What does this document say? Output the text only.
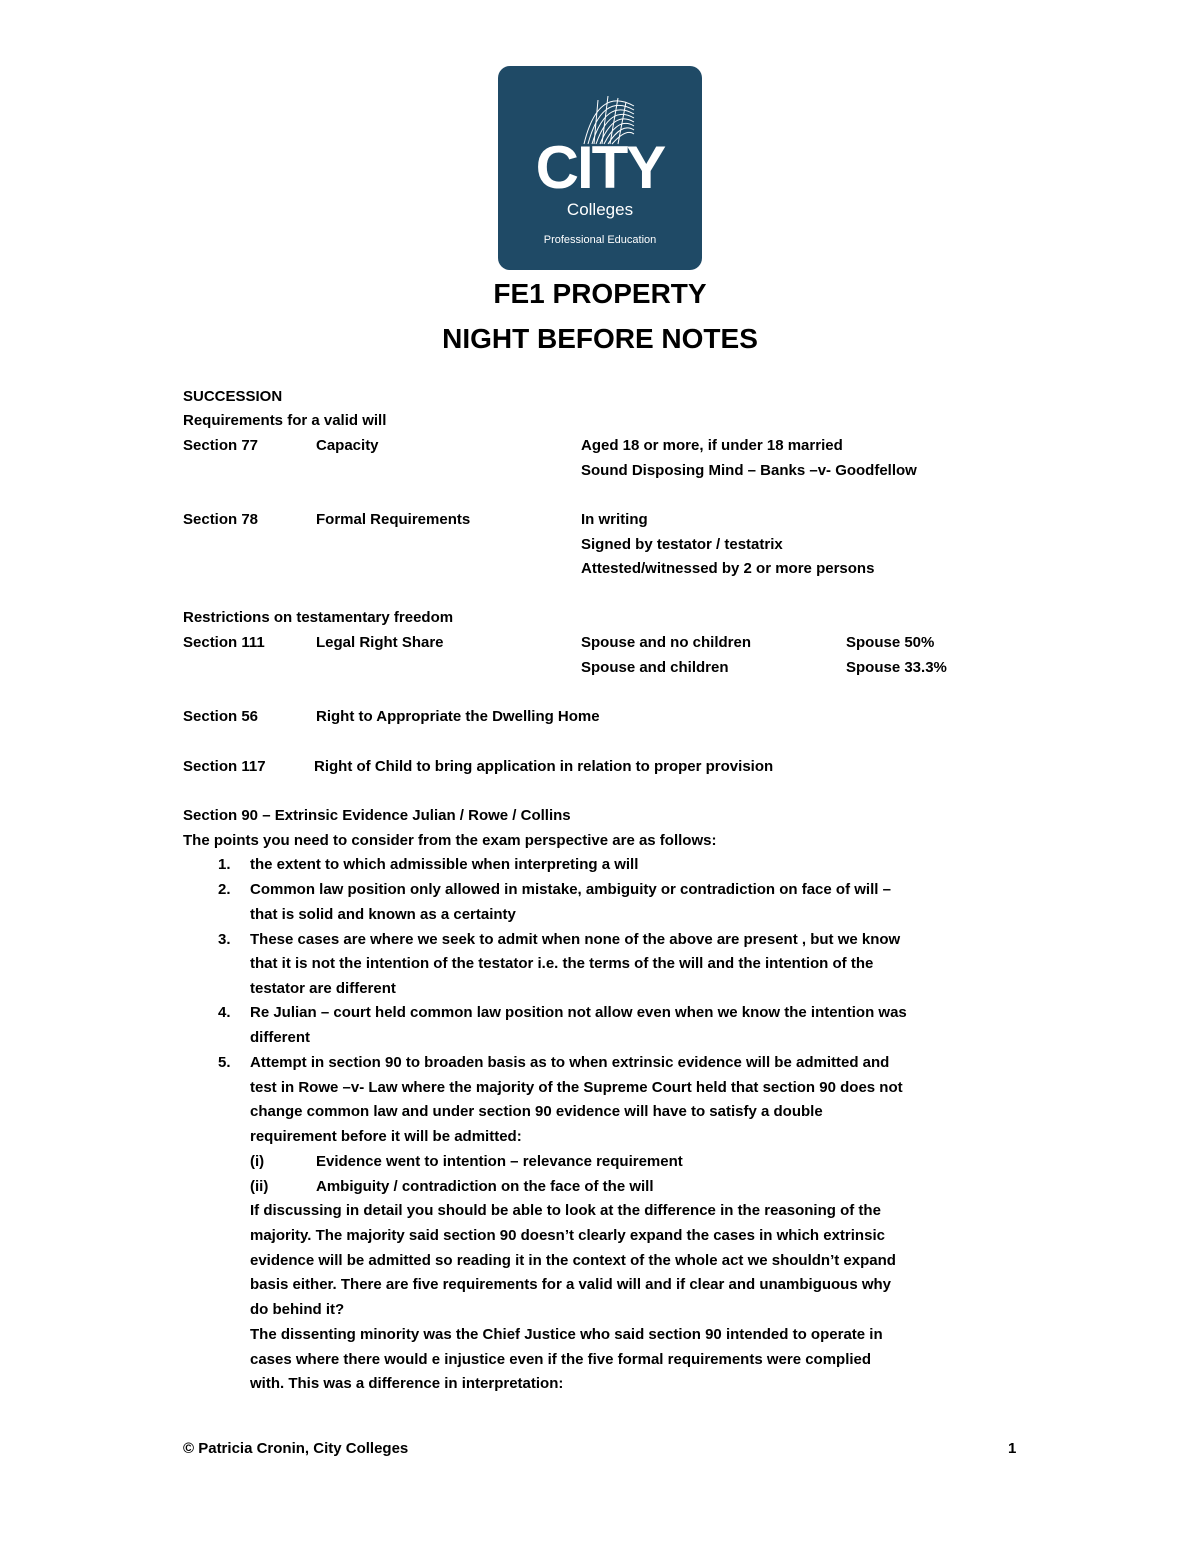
CITY
Colleges
Professional Education
FE1 PROPERTY
NIGHT BEFORE NOTES
SUCCESSION
Requirements for a valid will
Section 77	Capacity	Aged 18 or more, if under 18 married
Sound Disposing Mind – Banks –v- Goodfellow
Section 78	Formal Requirements	In writing
Signed by testator / testatrix
Attested/witnessed by 2 or more persons
Restrictions on testamentary freedom
Section 111	Legal Right Share	Spouse and no children	Spouse 50%
Spouse and children	Spouse 33.3%
Section 56	Right to Appropriate the Dwelling Home
Section 117	Right of Child to bring application in relation to proper provision
Section 90 – Extrinsic Evidence Julian / Rowe / Collins
The points you need to consider from the exam perspective are as follows:
1. the extent to which admissible when interpreting a will
2. Common law position only allowed in mistake, ambiguity or contradiction on face of will –
that is solid and known as a certainty
3. These cases are where we seek to admit when none of the above are present , but we know
that it is not the intention of the testator i.e. the terms of the will and the intention of the
testator are different
4. Re Julian – court held common law position not allow even when we know the intention was
different
5. Attempt in section 90 to broaden basis as to when extrinsic evidence will be admitted and
test in Rowe –v- Law where the majority of the Supreme Court held that section 90 does not
change common law and under section 90 evidence will have to satisfy a double
requirement before it will be admitted:
(i)	Evidence went to intention – relevance requirement
(ii)	Ambiguity / contradiction on the face of the will
If discussing in detail you should be able to look at the difference in the reasoning of the
majority. The majority said section 90 doesn’t clearly expand the cases in which extrinsic
evidence will be admitted so reading it in the context of the whole act we shouldn’t expand
basis either. There are five requirements for a valid will and if clear and unambiguous why
do behind it?
The dissenting minority was the Chief Justice who said section 90 intended to operate in
cases where there would e injustice even if the five formal requirements were complied
with. This was a difference in interpretation:
© Patricia Cronin, City Colleges	1
